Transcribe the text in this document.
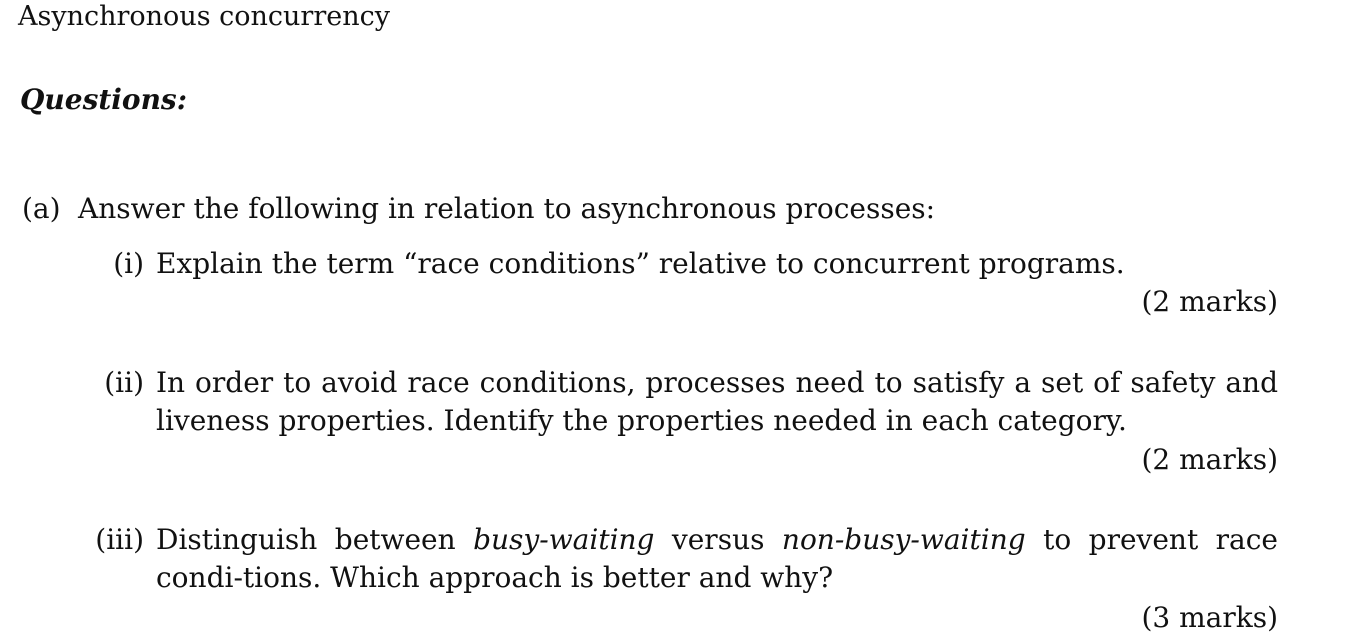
Asynchronous concurrency
Questions:
(a) Answer the following in relation to asynchronous processes:
(i) Explain the term “race conditions” relative to concurrent programs.
(2 marks)
(ii) In order to avoid race conditions, processes need to satisfy a set of safety and liveness properties. Identify the properties needed in each category.
(2 marks)
(iii) Distinguish between busy-waiting versus non-busy-waiting to prevent race condi-tions. Which approach is better and why?
(3 marks)
